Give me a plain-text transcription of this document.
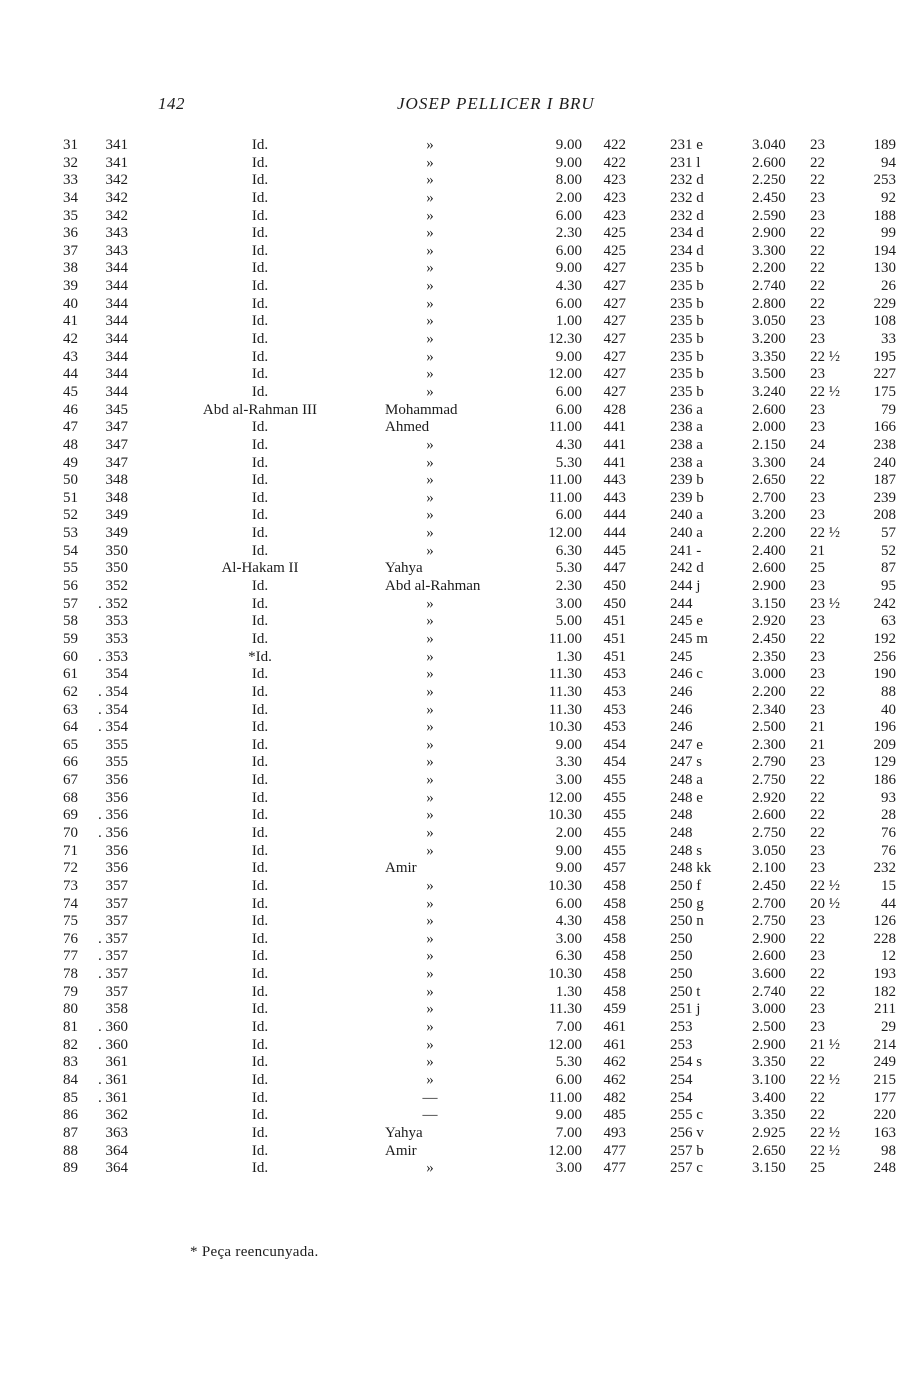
142	JOSEP PELLICER I BRU
31	341	Id.	»	9.00	422	231 e	3.040 23	189
32	341	Id.	»	9.00	422	231 l	2.600 22	94
33	342	Id.	»	8.00	423	232 d	2.250 22	253
34	342	Id.	»	2.00	423	232 d	2.450 23	92
35	342	Id.	»	6.00	423	232 d	2.590 23	188
36	343	Id.	»	2.30	425	234 d	2.900 22	99
37	343	Id.	»	6.00	425	234 d	3.300 22	194
38	344	Id.	»	9.00	427	235 b	2.200 22	130
39	344	Id.	»	4.30	427	235 b	2.740 22	26
40	344	Id.	»	6.00	427	235 b	2.800 22	229
41	344	Id.	»	1.00	427	235 b	3.050 23	108
42	344	Id.	»	12.30	427	235 b	3.200 23	33
43	344	Id.	»	9.00	427	235 b	3.350 22 ½	195
44	344	Id.	»	12.00	427	235 b	3.500 23	227
45	344	Id.	»	6.00	427	235 b	3.240 22 ½	175
46	345	Abd al-Rahman III	Mohammad	6.00	428	236 a	2.600 23	79
47	347	Id.	Ahmed	11.00	441	238 a	2.000 23	166
48	347	Id.	»	4.30	441	238 a	2.150 24	238
49	347	Id.	»	5.30	441	238 a	3.300 24	240
50	348	Id.	»	11.00	443	239 b	2.650 22	187
51	348	Id.	»	11.00	443	239 b	2.700 23	239
52	349	Id.	»	6.00	444	240 a	3.200 23	208
53	349	Id.	»	12.00	444	240 a	2.200 22 ½	57
54	350	Id.	»	6.30	445	241 -	2.400 21	52
55	350	Al-Hakam II	Yahya	5.30	447	242 d	2.600 25	87
56	352	Id.	Abd al-Rahman	2.30	450	244 j	2.900 23	95
57	. 352	Id.	»	3.00	450	244	3.150 23 ½	242
58	353	Id.	»	5.00	451	245 e	2.920 23	63
59	353	Id.	»	11.00	451	245 m	2.450 22	192
60	. 353	*Id.	»	1.30	451	245	2.350 23	256
61	354	Id.	»	11.30	453	246 c	3.000 23	190
62	. 354	Id.	»	11.30	453	246	2.200 22	88
63	. 354	Id.	»	11.30	453	246	2.340 23	40
64	. 354	Id.	»	10.30	453	246	2.500 21	196
65	355	Id.	»	9.00	454	247 e	2.300 21	209
66	355	Id.	»	3.30	454	247 s	2.790 23	129
67	356	Id.	»	3.00	455	248 a	2.750 22	186
68	356	Id.	»	12.00	455	248 e	2.920 22	93
69	. 356	Id.	»	10.30	455	248	2.600 22	28
70	. 356	Id.	»	2.00	455	248	2.750 22	76
71	356	Id.	»	9.00	455	248 s	3.050 23	76
72	356	Id.	Amir	9.00	457	248 kk	2.100 23	232
73	357	Id.	»	10.30	458	250 f	2.450 22 ½	15
74	357	Id.	»	6.00	458	250 g	2.700 20 ½	44
75	357	Id.	»	4.30	458	250 n	2.750 23	126
76	. 357	Id.	»	3.00	458	250	2.900 22	228
77	. 357	Id.	»	6.30	458	250	2.600 23	12
78	. 357	Id.	»	10.30	458	250	3.600 22	193
79	357	Id.	»	1.30	458	250 t	2.740 22	182
80	358	Id.	»	11.30	459	251 j	3.000 23	211
81	. 360	Id.	»	7.00	461	253	2.500 23	29
82	. 360	Id.	»	12.00	461	253	2.900 21 ½	214
83	361	Id.	»	5.30	462	254 s	3.350 22	249
84	. 361	Id.	»	6.00	462	254	3.100 22 ½	215
85	. 361	Id.	—	11.00	482	254	3.400 22	177
86	362	Id.	—	9.00	485	255 c	3.350 22	220
87	363	Id.	Yahya	7.00	493	256 v	2.925 22 ½	163
88	364	Id.	Amir	12.00	477	257 b	2.650 22 ½	98
89	364	Id.	»	3.00	477	257 c	3.150 25	248
* Peça reencunyada.
